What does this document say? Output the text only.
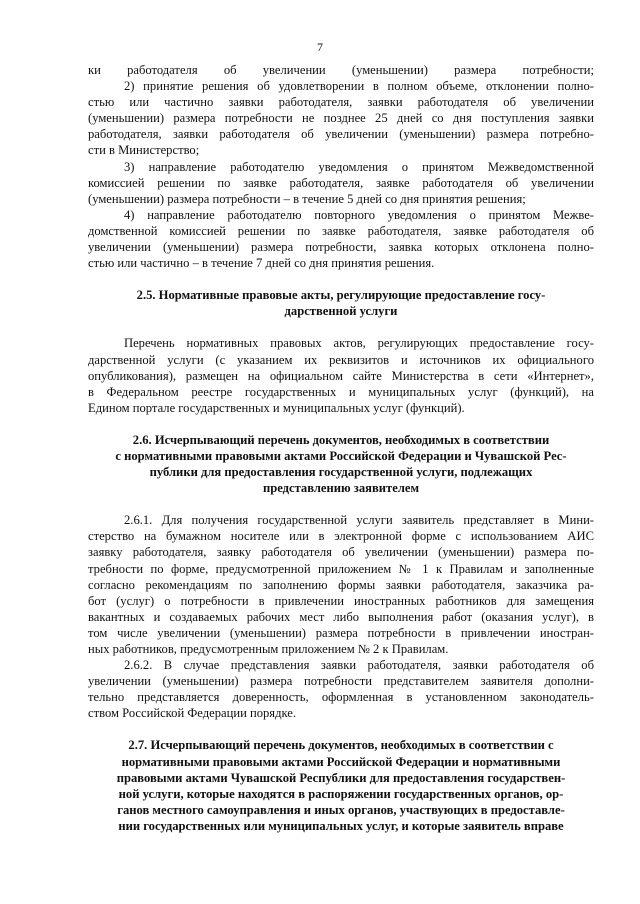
7
ки работодателя об увеличении (уменьшении) размера потребности;
2) принятие решения об удовлетворении в полном объеме, отклонении полно-
стью или частично заявки работодателя, заявки работодателя об увеличении
(уменьшении) размера потребности не позднее 25 дней со дня поступления заявки
работодателя, заявки работодателя об увеличении (уменьшении) размера потребно-
сти в Министерство;
3) направление работодателю уведомления о принятом Межведомственной
комиссией решении по заявке работодателя, заявке работодателя об увеличении
(уменьшении) размера потребности – в течение 5 дней со дня принятия решения;
4) направление работодателю повторного уведомления о принятом Межве-
домственной комиссией решении по заявке работодателя, заявке работодателя об
увеличении (уменьшении) размера потребности, заявка которых отклонена полно-
стью или частично – в течение 7 дней со дня принятия решения.
2.5. Нормативные правовые акты, регулирующие предоставление госу-
дарственной услуги
Перечень нормативных правовых актов, регулирующих предоставление госу-
дарственной услуги (с указанием их реквизитов и источников их официального
опубликования), размещен на официальном сайте Министерства в сети «Интернет»,
в Федеральном реестре государственных и муниципальных услуг (функций), на
Едином портале государственных и муниципальных услуг (функций).
2.6. Исчерпывающий перечень документов, необходимых в соответствии
с нормативными правовыми актами Российской Федерации и Чувашской Рес-
публики для предоставления государственной услуги, подлежащих
представлению заявителем
2.6.1. Для получения государственной услуги заявитель представляет в Мини-
стерство на бумажном носителе или в электронной форме с использованием АИС
заявку работодателя, заявку работодателя об увеличении (уменьшении) размера по-
требности по форме, предусмотренной приложением № 1 к Правилам и заполненные
согласно рекомендациям по заполнению формы заявки работодателя, заказчика ра-
бот (услуг) о потребности в привлечении иностранных работников для замещения
вакантных и создаваемых рабочих мест либо выполнения работ (оказания услуг), в
том числе увеличении (уменьшении) размера потребности в привлечении иностран-
ных работников, предусмотренным приложением № 2 к Правилам.
2.6.2. В случае представления заявки работодателя, заявки работодателя об
увеличении (уменьшении) размера потребности представителем заявителя дополни-
тельно представляется доверенность, оформленная в установленном законодатель-
ством Российской Федерации порядке.
2.7. Исчерпывающий перечень документов, необходимых в соответствии с
нормативными правовыми актами Российской Федерации и нормативными
правовыми актами Чувашской Республики для предоставления государствен-
ной услуги, которые находятся в распоряжении государственных органов, ор-
ганов местного самоуправления и иных органов, участвующих в предоставле-
нии государственных или муниципальных услуг, и которые заявитель вправе
